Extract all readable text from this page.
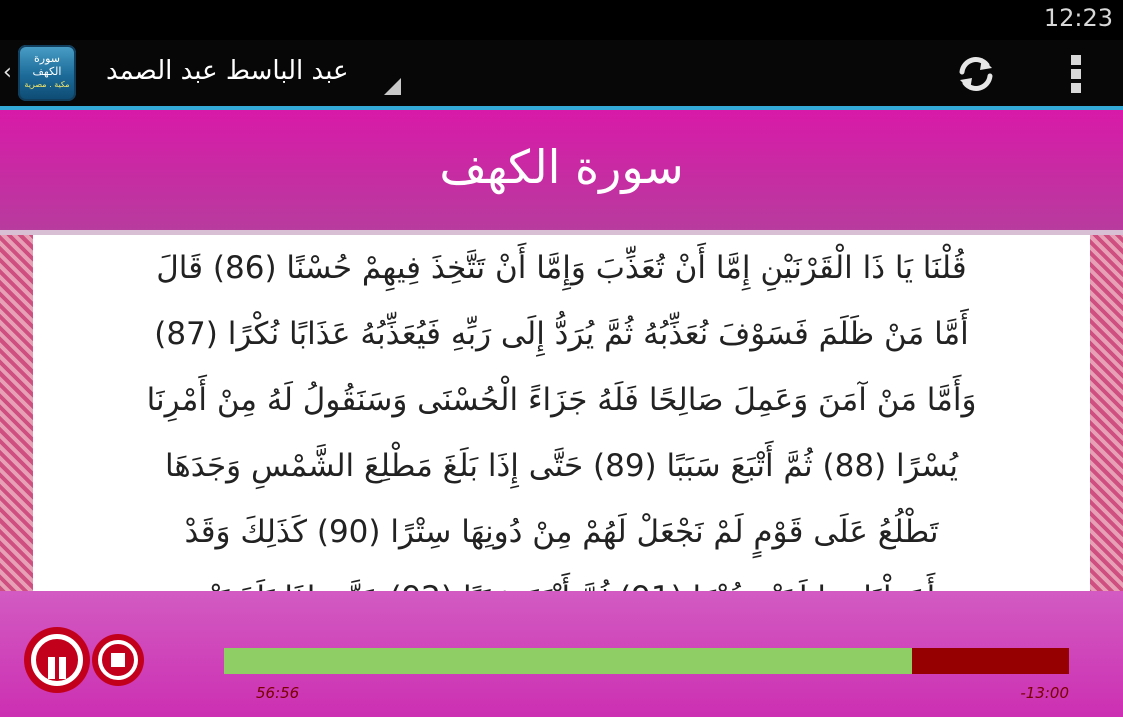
12:23
‹
سورة
الكهف
مكية . مصرية عبد الباسط عبد الصمد
سورة الكهف
قُلْنَا يَا ذَا الْقَرْنَيْنِ إِمَّا أَنْ تُعَذِّبَ وَإِمَّا أَنْ تَتَّخِذَ فِيهِمْ حُسْنًا (86) قَالَ
أَمَّا مَنْ ظَلَمَ فَسَوْفَ نُعَذِّبُهُ ثُمَّ يُرَدُّ إِلَى رَبِّهِ فَيُعَذِّبُهُ عَذَابًا نُكْرًا (87)
وَأَمَّا مَنْ آمَنَ وَعَمِلَ صَالِحًا فَلَهُ جَزَاءً الْحُسْنَى وَسَنَقُولُ لَهُ مِنْ أَمْرِنَا
يُسْرًا (88) ثُمَّ أَتْبَعَ سَبَبًا (89) حَتَّى إِذَا بَلَغَ مَطْلِعَ الشَّمْسِ وَجَدَهَا
تَطْلُعُ عَلَى قَوْمٍ لَمْ نَجْعَلْ لَهُمْ مِنْ دُونِهَا سِتْرًا (90) كَذَلِكَ وَقَدْ
56:56	-13:00
